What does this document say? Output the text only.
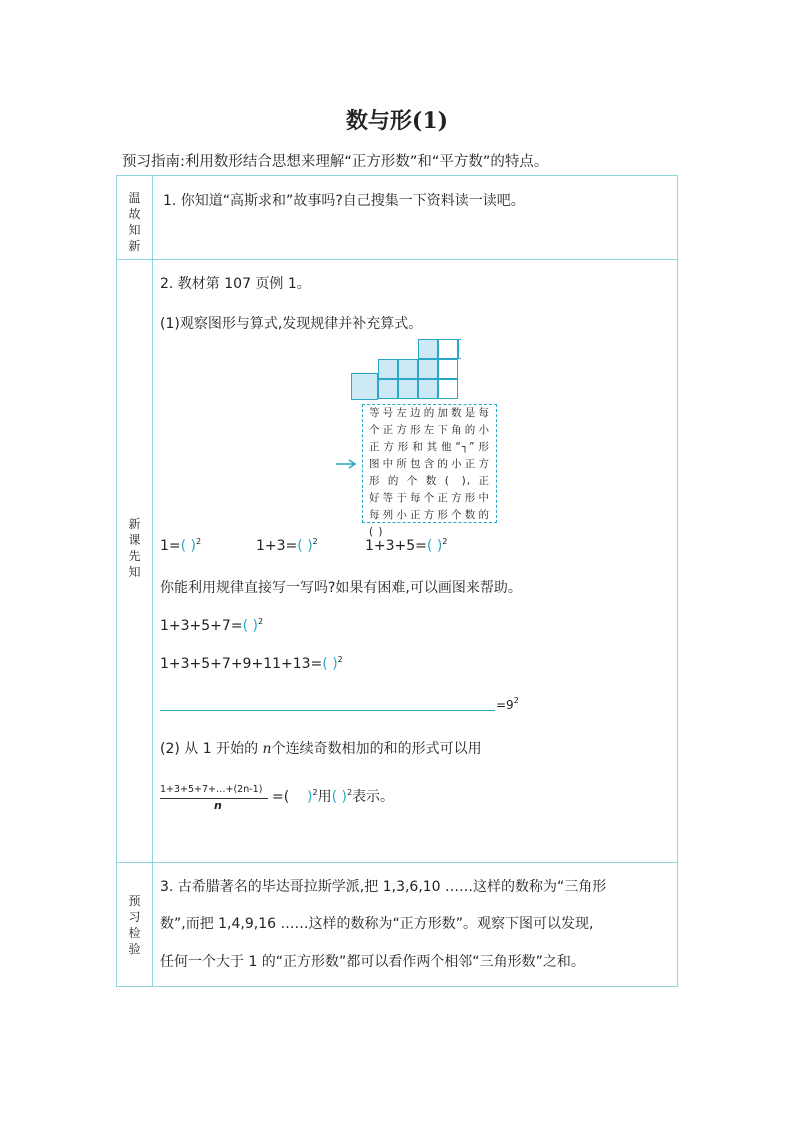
数与形(1)
预习指南:利用数形结合思想来理解“正方形数”和“平方数”的特点。
温
故
知
新
新
课
先
知
预
习
检
验
1. 你知道“高斯求和”故事吗?自己搜集一下资料读一读吧。
2. 教材第 107 页例 1。
(1)观察图形与算式,发现规律并补充算式。
等号左边的加数是每
个正方形左下角的小
正方形和其他“┐”形
图中所包含的小正方
形的个数( ),正
好等于每个正方形中
每列小正方形个数的
( )
1=( )$^2$	1+3=( )$^2$	1+3+5=( )$^2$
你能利用规律直接写一写吗?如果有困难,可以画图来帮助。
1+3+5+7=( )$^2$
1+3+5+7+9+11+13=( )$^2$
$=9^2$
(2) 从 1 开始的 n个连续奇数相加的和的形式可以用
1+3+5+7+…+(2n-1)
n
=( )$^2$用( )$^2$表示。
3. 古希腊著名的毕达哥拉斯学派,把 1,3,6,10 ……这样的数称为“三角形
数”,而把 1,4,9,16 ……这样的数称为“正方形数”。观察下图可以发现,
任何一个大于 1 的“正方形数”都可以看作两个相邻“三角形数”之和。
